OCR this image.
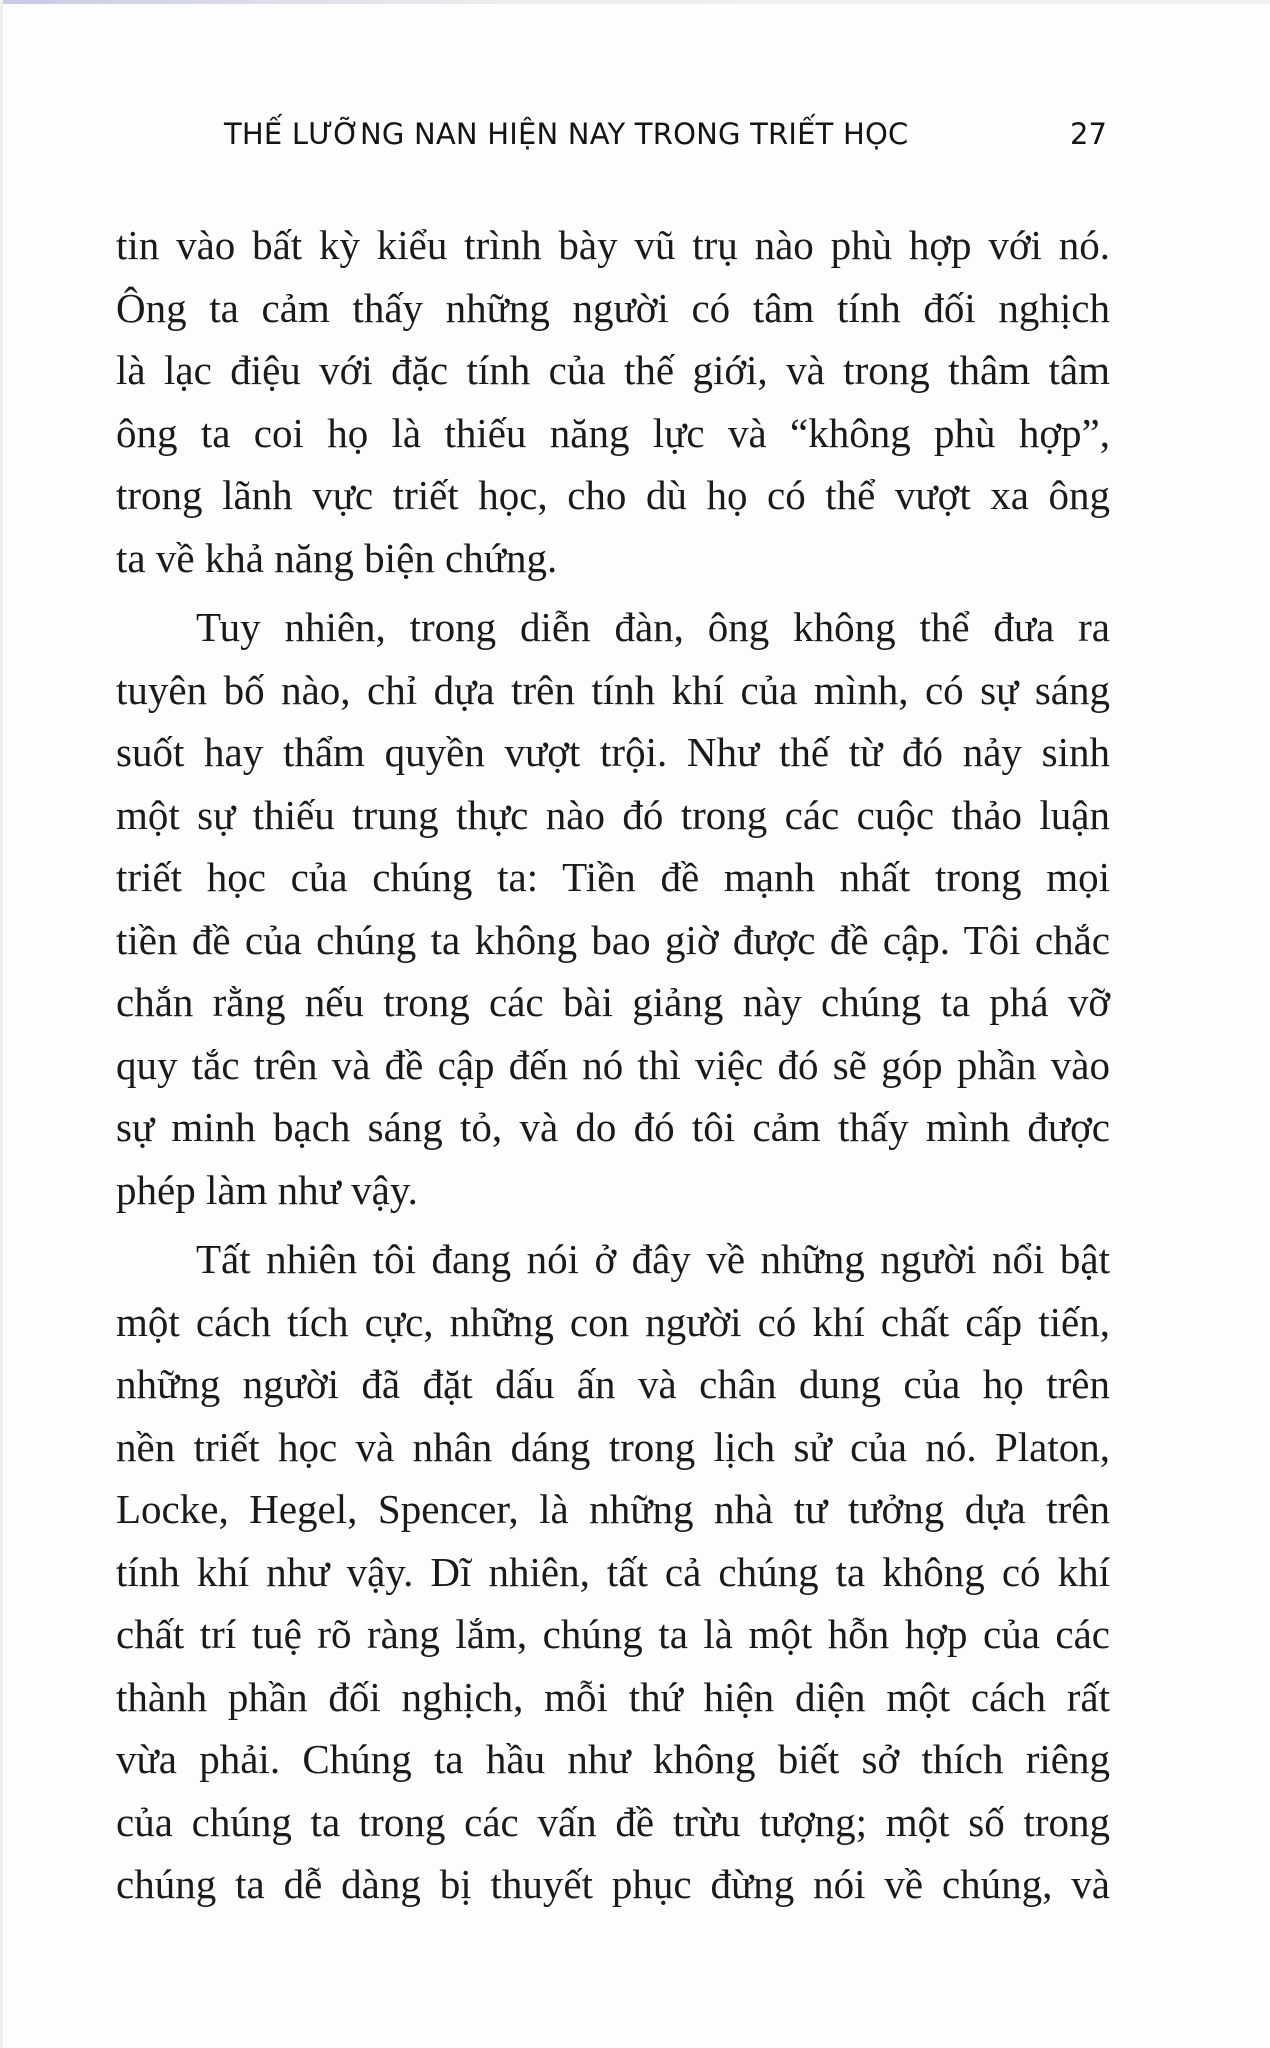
THẾ LƯỠNG NAN HIỆN NAY TRONG TRIẾT HỌC	27
tin vào bất kỳ kiểu trình bày vũ trụ nào phù hợp với nó.
Ông ta cảm thấy những người có tâm tính đối nghịch
là lạc điệu với đặc tính của thế giới, và trong thâm tâm
ông ta coi họ là thiếu năng lực và “không phù hợp”,
trong lãnh vực triết học, cho dù họ có thể vượt xa ông
ta về khả năng biện chứng.
Tuy nhiên, trong diễn đàn, ông không thể đưa ra
tuyên bố nào, chỉ dựa trên tính khí của mình, có sự sáng
suốt hay thẩm quyền vượt trội. Như thế từ đó nảy sinh
một sự thiếu trung thực nào đó trong các cuộc thảo luận
triết học của chúng ta: Tiền đề mạnh nhất trong mọi
tiền đề của chúng ta không bao giờ được đề cập. Tôi chắc
chắn rằng nếu trong các bài giảng này chúng ta phá vỡ
quy tắc trên và đề cập đến nó thì việc đó sẽ góp phần vào
sự minh bạch sáng tỏ, và do đó tôi cảm thấy mình được
phép làm như vậy.
Tất nhiên tôi đang nói ở đây về những người nổi bật
một cách tích cực, những con người có khí chất cấp tiến,
những người đã đặt dấu ấn và chân dung của họ trên
nền triết học và nhân dáng trong lịch sử của nó. Platon,
Locke, Hegel, Spencer, là những nhà tư tưởng dựa trên
tính khí như vậy. Dĩ nhiên, tất cả chúng ta không có khí
chất trí tuệ rõ ràng lắm, chúng ta là một hỗn hợp của các
thành phần đối nghịch, mỗi thứ hiện diện một cách rất
vừa phải. Chúng ta hầu như không biết sở thích riêng
của chúng ta trong các vấn đề trừu tượng; một số trong
chúng ta dễ dàng bị thuyết phục đừng nói về chúng, và
